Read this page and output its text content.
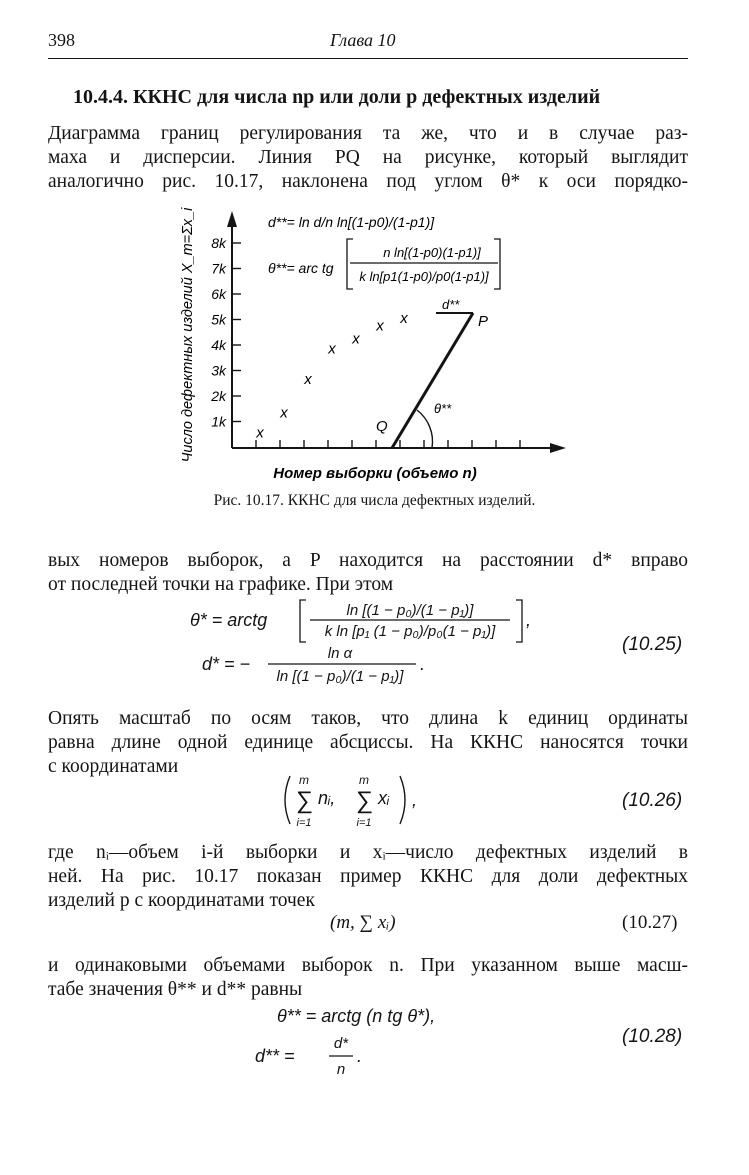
398	Глава 10
10.4.4. ККНС для числа np или доли p дефектных изделий
Диаграмма границ регулирования та же, что и в случае раз-
маха и дисперсии. Линия PQ на рисунке, который выглядит
аналогично рис. 10.17, наклонена под углом θ* к оси порядко-
1k
2k
3k
4k
5k
6k
7k
8k
Число дефектных изделий X_m=Σx_i
Номер выборки (объемо n)
d**= ln d/n ln[(1-p0)/(1-p1)]
θ**= arc tg
n ln[(1-p0)(1-p1)]
k ln[p1(1-p0)/p0(1-p1)]
x
x
x
x
x
x x
d**
P
Q
θ**
Рис. 10.17. ККНС для числа дефектных изделий.
вых номеров выборок, а P находится на расстоянии d* вправо
от последней точки на графике. При этом
θ* = arctg	ln [(1 − p₀)/(1 − p₁)]
k ln [p₁ (1 − p₀)/p₀(1 − p₁)]
,
d* = −
ln α
ln [(1 − p₀)/(1 − p₁)]
.
(10.25)
Опять масштаб по осям таков, что длина k единиц ординаты
равна длине одной единице абсциссы. На ККНС наносятся точки
с координатами
m
∑
i=1
nᵢ,
m
∑
i=1
xᵢ ,	(10.26)
где nᵢ—объем i-й выборки и xᵢ—число дефектных изделий в
ней. На рис. 10.17 показан пример ККНС для доли дефектных
изделий p с координатами точек
(m, ∑ xᵢ)	(10.27)
и одинаковыми объемами выборок n. При указанном выше масш-
табе значения θ** и d** равны
θ** = arctg (n tg θ*),
d** =
d*
n
.
(10.28)
